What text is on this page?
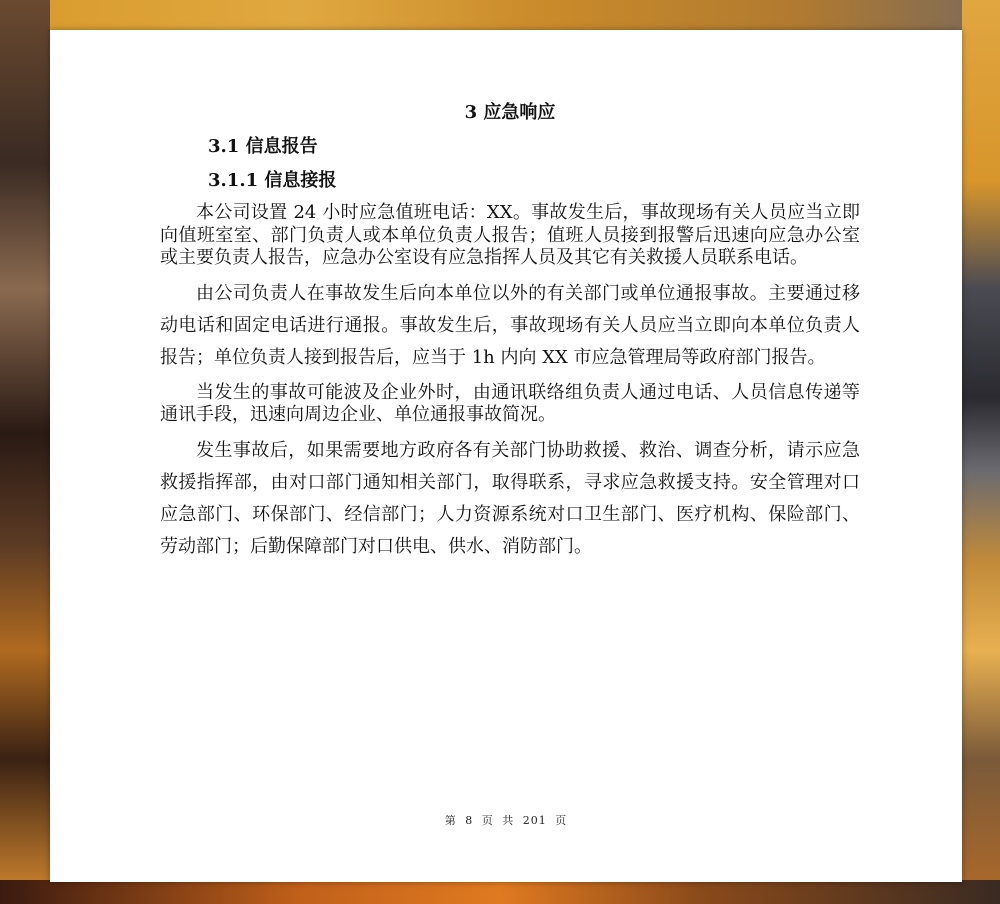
3 应急响应
3.1 信息报告
3.1.1 信息接报

本公司设置 24 小时应急值班电话：XX。事故发生后，事故现场有关人员应当立即向值班室室、部门负责人或本单位负责人报告；值班人员接到报警后迅速向应急办公室或主要负责人报告，应急办公室设有应急指挥人员及其它有关救援人员联系电话。

由公司负责人在事故发生后向本单位以外的有关部门或单位通报事故。主要通过移动电话和固定电话进行通报。事故发生后，事故现场有关人员应当立即向本单位负责人报告；单位负责人接到报告后，应当于 1h 内向 XX 市应急管理局等政府部门报告。

当发生的事故可能波及企业外时，由通讯联络组负责人通过电话、人员信息传递等通讯手段，迅速向周边企业、单位通报事故简况。

发生事故后，如果需要地方政府各有关部门协助救援、救治、调查分析，请示应急救援指挥部，由对口部门通知相关部门，取得联系，寻求应急救援支持。安全管理对口应急部门、环保部门、经信部门；人力资源系统对口卫生部门、医疗机构、保险部门、劳动部门；后勤保障部门对口供电、供水、消防部门。

第 8 页 共 201 页
